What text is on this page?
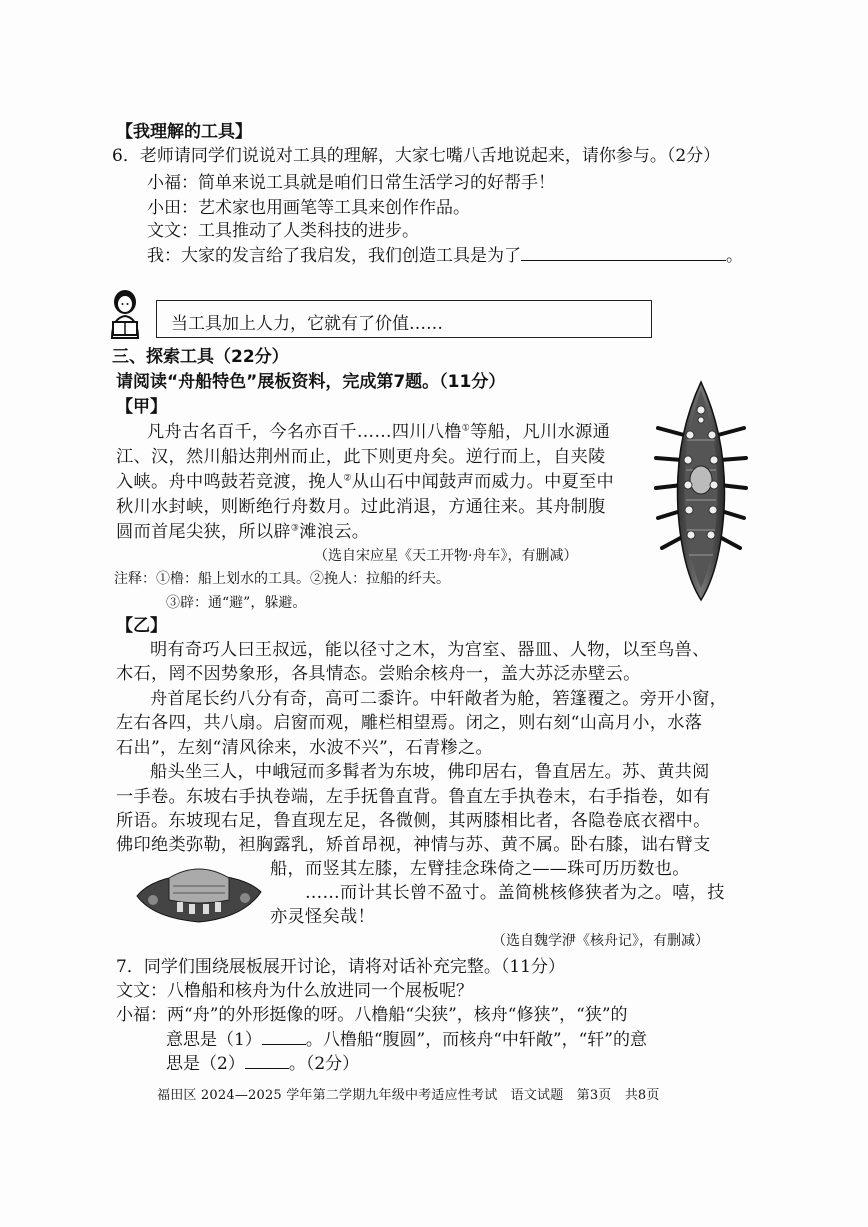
【我理解的工具】
6．老师请同学们说说对工具的理解，大家七嘴八舌地说起来，请你参与。（2分）
小福：简单来说工具就是咱们日常生活学习的好帮手！
小田：艺术家也用画笔等工具来创作作品。
文文：工具推动了人类科技的进步。
我：大家的发言给了我启发，我们创造工具是为了	。
当工具加上人力，它就有了价值……
三、探索工具（22分）
请阅读“舟船特色”展板资料，完成第7题。（11分）
【甲】
凡舟古名百千，今名亦百千……四川八橹①等船，凡川水源通
江、汉，然川船达荆州而止，此下则更舟矣。逆行而上，自夹陵
入峡。舟中鸣鼓若竞渡，挽人②从山石中闻鼓声而威力。中夏至中
秋川水封峡，则断绝行舟数月。过此消退，方通往来。其舟制腹
圆而首尾尖狭，所以辟③滩浪云。
（选自宋应星《天工开物·舟车》，有删减）
注释：①橹：船上划水的工具。②挽人：拉船的纤夫。
③辟：通“避”，躲避。
【乙】
明有奇巧人曰王叔远，能以径寸之木，为宫室、器皿、人物，以至鸟兽、
木石，罔不因势象形，各具情态。尝贻余核舟一，盖大苏泛赤壁云。
舟首尾长约八分有奇，高可二黍许。中轩敞者为舱，箬篷覆之。旁开小窗，
左右各四，共八扇。启窗而观，雕栏相望焉。闭之，则右刻“山高月小，水落
石出”，左刻“清风徐来，水波不兴”，石青糁之。
船头坐三人，中峨冠而多髯者为东坡，佛印居右，鲁直居左。苏、黄共阅
一手卷。东坡右手执卷端，左手抚鲁直背。鲁直左手执卷末，右手指卷，如有
所语。东坡现右足，鲁直现左足，各微侧，其两膝相比者，各隐卷底衣褶中。
佛印绝类弥勒，袒胸露乳，矫首昂视，神情与苏、黄不属。卧右膝，诎右臂支
船，而竖其左膝，左臂挂念珠倚之——珠可历历数也。
……而计其长曾不盈寸。盖简桃核修狭者为之。嘻，技
亦灵怪矣哉！
（选自魏学洢《核舟记》，有删减）
7．同学们围绕展板展开讨论，请将对话补充完整。（11分）
文文：八橹船和核舟为什么放进同一个展板呢？
小福：两“舟”的外形挺像的呀。八橹船“尖狭”，核舟“修狭”，“狭”的
意思是（1）	。八橹船“腹圆”，而核舟“中轩敞”，“轩”的意
思是（2）	。（2分）
福田区 2024—2025 学年第二学期九年级中考适应性考试　语文试题　第3页　共8页
